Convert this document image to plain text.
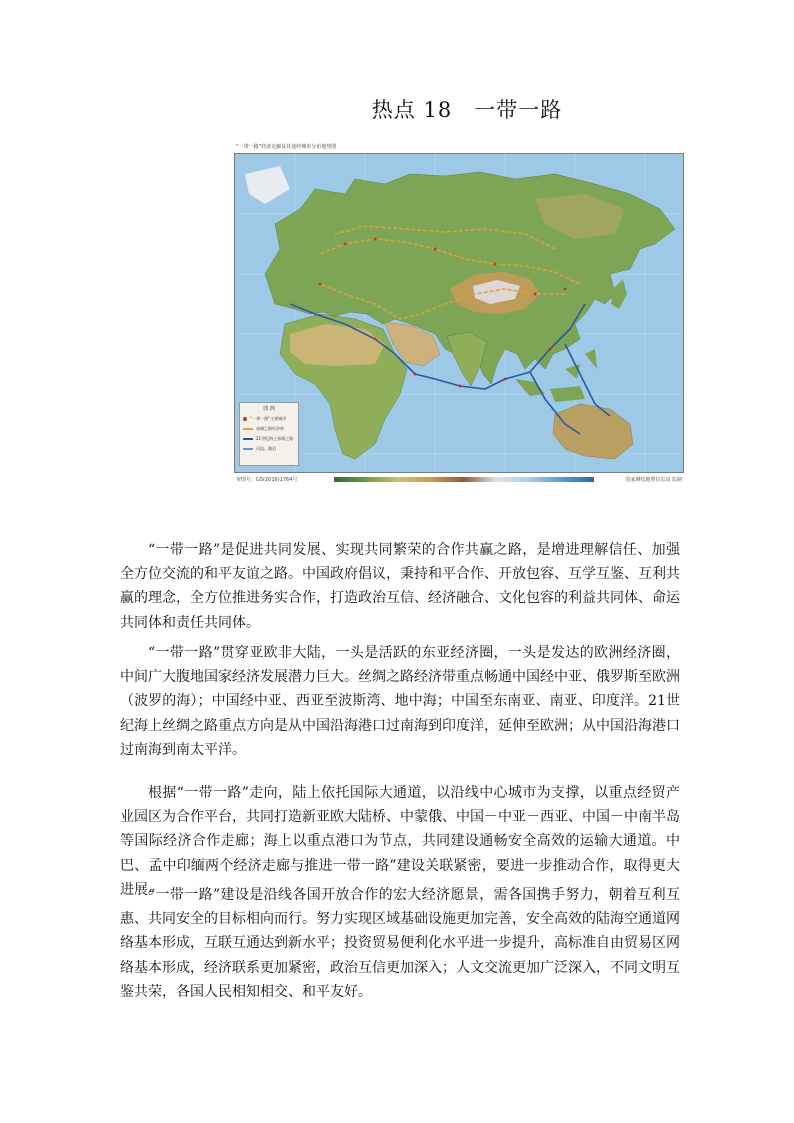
热点 18　一带一路
“一带一路”经济走廊及其途经城市分布地势图
图 例
“一带一路”主要城市
丝绸之路经济带
21世纪海上丝绸之路
河流、湖泊
审图号：GS(2016)1764号	国家测绘地理信息局 监制

“一带一路”是促进共同发展、实现共同繁荣的合作共赢之路，是增进理解信任、加强全方位交流的和平友谊之路。中国政府倡议，秉持和平合作、开放包容、互学互鉴、互利共赢的理念，全方位推进务实合作，打造政治互信、经济融合、文化包容的利益共同体、命运共同体和责任共同体。

“一带一路”贯穿亚欧非大陆，一头是活跃的东亚经济圈，一头是发达的欧洲经济圈，中间广大腹地国家经济发展潜力巨大。丝绸之路经济带重点畅通中国经中亚、俄罗斯至欧洲（波罗的海）；中国经中亚、西亚至波斯湾、地中海；中国至东南亚、南亚、印度洋。21世纪海上丝绸之路重点方向是从中国沿海港口过南海到印度洋，延伸至欧洲；从中国沿海港口过南海到南太平洋。

根据“一带一路”走向，陆上依托国际大通道，以沿线中心城市为支撑，以重点经贸产业园区为合作平台，共同打造新亚欧大陆桥、中蒙俄、中国－中亚－西亚、中国－中南半岛等国际经济合作走廊；海上以重点港口为节点，共同建设通畅安全高效的运输大通道。中巴、孟中印缅两个经济走廊与推进一带一路”建设关联紧密，要进一步推动合作，取得更大进展。

“一带一路”建设是沿线各国开放合作的宏大经济愿景，需各国携手努力，朝着互利互惠、共同安全的目标相向而行。努力实现区域基础设施更加完善，安全高效的陆海空通道网络基本形成，互联互通达到新水平；投资贸易便利化水平进一步提升，高标准自由贸易区网络基本形成，经济联系更加紧密，政治互信更加深入；人文交流更加广泛深入，不同文明互鉴共荣，各国人民相知相交、和平友好。
